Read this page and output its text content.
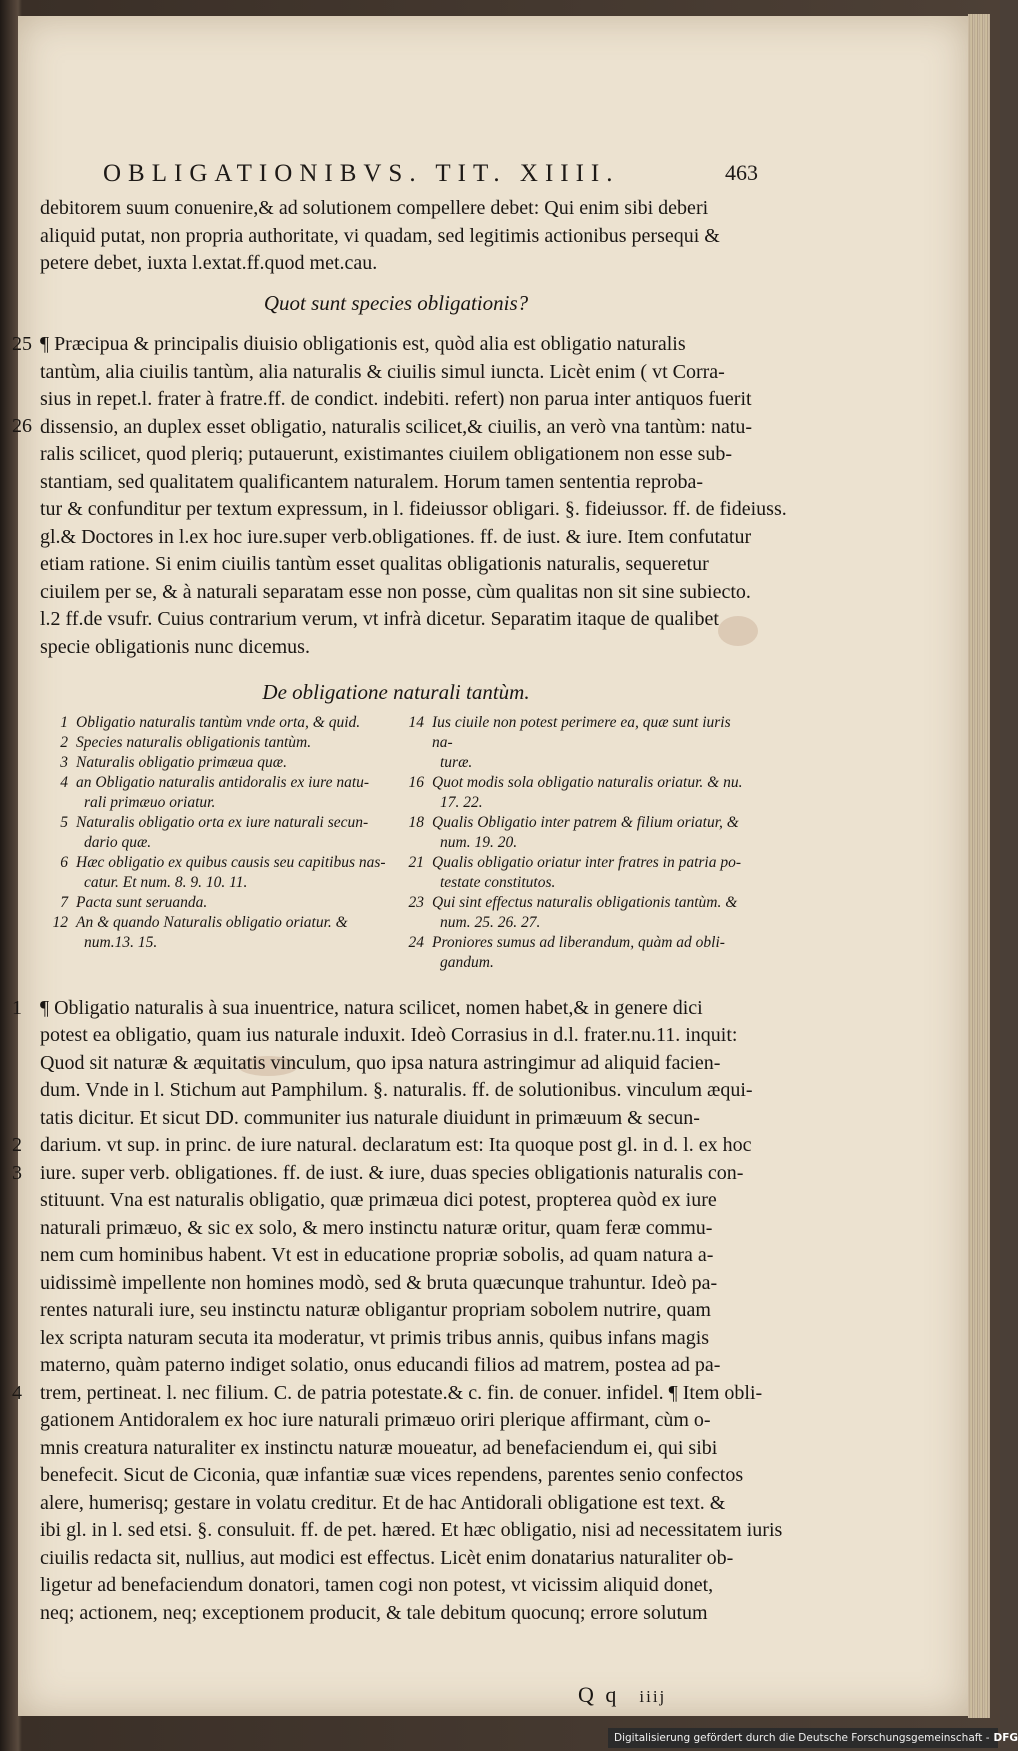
OBLIGATIONIBVS. TIT. XIIII.	463
debitorem suum conuenire,& ad solutionem compellere debet: Qui enim sibi deberi
aliquid putat, non propria authoritate, vi quadam, sed legitimis actionibus persequi &
petere debet, iuxta l.extat.ff.quod met.cau.
Quot sunt species obligationis?
25
26
¶ Præcipua & principalis diuisio obligationis est, quòd alia est obligatio naturalis
tantùm, alia ciuilis tantùm, alia naturalis & ciuilis simul iuncta. Licèt enim ( vt Corra-
sius in repet.l. frater à fratre.ff. de condict. indebiti. refert) non parua inter antiquos fuerit
dissensio, an duplex esset obligatio, naturalis scilicet,& ciuilis, an verò vna tantùm: natu-
ralis scilicet, quod pleriq; putauerunt, existimantes ciuilem obligationem non esse sub-
stantiam, sed qualitatem qualificantem naturalem. Horum tamen sententia reproba-
tur & confunditur per textum expressum, in l. fideiussor obligari. §. fideiussor. ff. de fideiuss.
gl.& Doctores in l.ex hoc iure.super verb.obligationes. ff. de iust. & iure. Item confutatur
etiam ratione. Si enim ciuilis tantùm esset qualitas obligationis naturalis, sequeretur
ciuilem per se, & à naturali separatam esse non posse, cùm qualitas non sit sine subiecto.
l.2 ff.de vsufr. Cuius contrarium verum, vt infrà dicetur. Separatim itaque de qualibet
specie obligationis nunc dicemus.
De obligatione naturali tantùm.
1 Obligatio naturalis tantùm vnde orta, & quid.
2 Species naturalis obligationis tantùm.
3 Naturalis obligatio primæua quæ.
4 an Obligatio naturalis antidoralis ex iure natu-
rali primæuo oriatur.
5 Naturalis obligatio orta ex iure naturali secun-
dario quæ.
6 Hæc obligatio ex quibus causis seu capitibus nas-
catur. Et num. 8. 9. 10. 11.
7 Pacta sunt seruanda.
12 An & quando Naturalis obligatio oriatur. &
num.13. 15.
14 Ius ciuile non potest perimere ea, quæ sunt iuris na-
turæ.
16 Quot modis sola obligatio naturalis oriatur. & nu.
17. 22.
18 Qualis Obligatio inter patrem & filium oriatur, &
num. 19. 20.
21 Qualis obligatio oriatur inter fratres in patria po-
testate constitutos.
23 Qui sint effectus naturalis obligationis tantùm. &
num. 25. 26. 27.
24 Proniores sumus ad liberandum, quàm ad obli-
gandum.
1
2
3
4
¶ Obligatio naturalis à sua inuentrice, natura scilicet, nomen habet,& in genere dici
potest ea obligatio, quam ius naturale induxit. Ideò Corrasius in d.l. frater.nu.11. inquit:
Quod sit naturæ & æquitatis vinculum, quo ipsa natura astringimur ad aliquid facien-
dum. Vnde in l. Stichum aut Pamphilum. §. naturalis. ff. de solutionibus. vinculum æqui-
tatis dicitur. Et sicut DD. communiter ius naturale diuidunt in primæuum & secun-
darium. vt sup. in princ. de iure natural. declaratum est: Ita quoque post gl. in d. l. ex hoc
iure. super verb. obligationes. ff. de iust. & iure, duas species obligationis naturalis con-
stituunt. Vna est naturalis obligatio, quæ primæua dici potest, propterea quòd ex iure
naturali primæuo, & sic ex solo, & mero instinctu naturæ oritur, quam feræ commu-
nem cum hominibus habent. Vt est in educatione propriæ sobolis, ad quam natura a-
uidissimè impellente non homines modò, sed & bruta quæcunque trahuntur. Ideò pa-
rentes naturali iure, seu instinctu naturæ obligantur propriam sobolem nutrire, quam
lex scripta naturam secuta ita moderatur, vt primis tribus annis, quibus infans magis
materno, quàm paterno indiget solatio, onus educandi filios ad matrem, postea ad pa-
trem, pertineat. l. nec filium. C. de patria potestate.& c. fin. de conuer. infidel. ¶ Item obli-
gationem Antidoralem ex hoc iure naturali primæuo oriri plerique affirmant, cùm o-
mnis creatura naturaliter ex instinctu naturæ moueatur, ad benefaciendum ei, qui sibi
benefecit. Sicut de Ciconia, quæ infantiæ suæ vices rependens, parentes senio confectos
alere, humerisq; gestare in volatu creditur. Et de hac Antidorali obligatione est text. &
ibi gl. in l. sed etsi. §. consuluit. ff. de pet. hæred. Et hæc obligatio, nisi ad necessitatem iuris
ciuilis redacta sit, nullius, aut modici est effectus. Licèt enim donatarius naturaliter ob-
ligetur ad benefaciendum donatori, tamen cogi non potest, vt vicissim aliquid donet,
neq; actionem, neq; exceptionem producit, & tale debitum quocunq; errore solutum
Q q iiij
Digitalisierung gefördert durch die Deutsche Forschungsgemeinschaft - DFG
